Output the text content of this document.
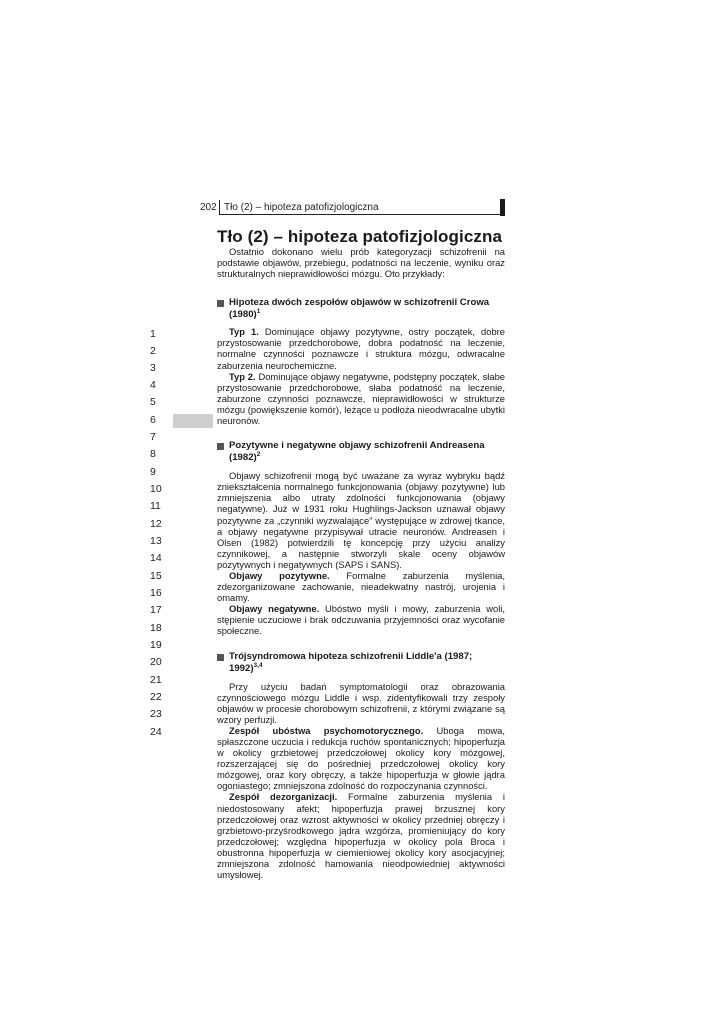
202 Tło (2) – hipoteza patofizjologiczna
1
2
3
4
5
6
7
8
9
10
11
12
13
14
15
16
17
18
19
20
21
22
23
24
Tło (2) – hipoteza patofizjologiczna

Ostatnio dokonano wielu prób kategoryzacji schizofrenii na podstawie objawów, przebiegu, podatności na leczenie, wyniku oraz strukturalnych nieprawidłowości mózgu. Oto przykłady:

Hipoteza dwóch zespołów objawów w schizofrenii Crowa $(1980)^1$

Typ 1. Dominujące objawy pozytywne, ostry początek, dobre przystosowanie przedchorobowe, dobra podatność na leczenie, normalne czynności poznawcze i struktura mózgu, odwracalne zaburzenia neurochemiczne.

Typ 2. Dominujące objawy negatywne, podstępny początek, słabe przystosowanie przedchorobowe, słaba podatność na leczenie, zaburzone czynności poznawcze, nieprawidłowości w strukturze mózgu (powiększenie komór), leżące u podłoża nieodwracalne ubytki neuronów.

Pozytywne i negatywne objawy schizofrenii Andreasena $(1982)^2$

Objawy schizofrenii mogą być uważane za wyraz wybryku bądź zniekształcenia normalnego funkcjonowania (objawy pozytywne) lub zmniejszenia albo utraty zdolności funkcjonowania (objawy negatywne). Już w 1931 roku Hughlings-Jackson uznawał objawy pozytywne za „czynniki wyzwalające” występujące w zdrowej tkance, a objawy negatywne przypisywał utracie neuronów. Andreasen i Olsen (1982) potwierdzili tę koncepcję przy użyciu analizy czynnikowej, a następnie stworzyli skale oceny objawów pozytywnych i negatywnych (SAPS i SANS).

Objawy pozytywne. Formalne zaburzenia myślenia, zdezorganizowane zachowanie, nieadekwatny nastrój, urojenia i omamy.

Objawy negatywne. Ubóstwo myśli i mowy, zaburzenia woli, stępienie uczuciowe i brak odczuwania przyjemności oraz wycofanie społeczne.

Trójsyndromowa hipoteza schizofrenii Liddle'a (1987; 1992)$^{3,4}$

Przy użyciu badań symptomatologii oraz obrazowania czynnościowego mózgu Liddle i wsp. zidentyfikowali trzy zespoły objawów w procesie chorobowym schizofrenii, z którymi związane są wzory perfuzji.

Zespół ubóstwa psychomotorycznego. Uboga mowa, spłaszczone uczucia i redukcja ruchów spontanicznych; hipoperfuzja w okolicy grzbietowej przedczołowej okolicy kory mózgowej, rozszerzającej się do pośredniej przedczołowej okolicy kory mózgowej, oraz kory obręczy, a także hipoperfuzja w głowie jądra ogoniastego; zmniejszona zdolność do rozpoczynania czynności.

Zespół dezorganizacji. Formalne zaburzenia myślenia i niedostosowany afekt; hipoperfuzja prawej brzusznej kory przedczołowej oraz wzrost aktywności w okolicy przedniej obręczy i grzbietowo-przyśrodkowego jądra wzgórza, promieniujący do kory przedczołowej; względna hipoperfuzja w okolicy pola Broca i obustronna hipoperfuzja w ciemieniowej okolicy kory asocjacyjnej; zmniejszona zdolność hamowania nieodpowiedniej aktywności umysłowej.
